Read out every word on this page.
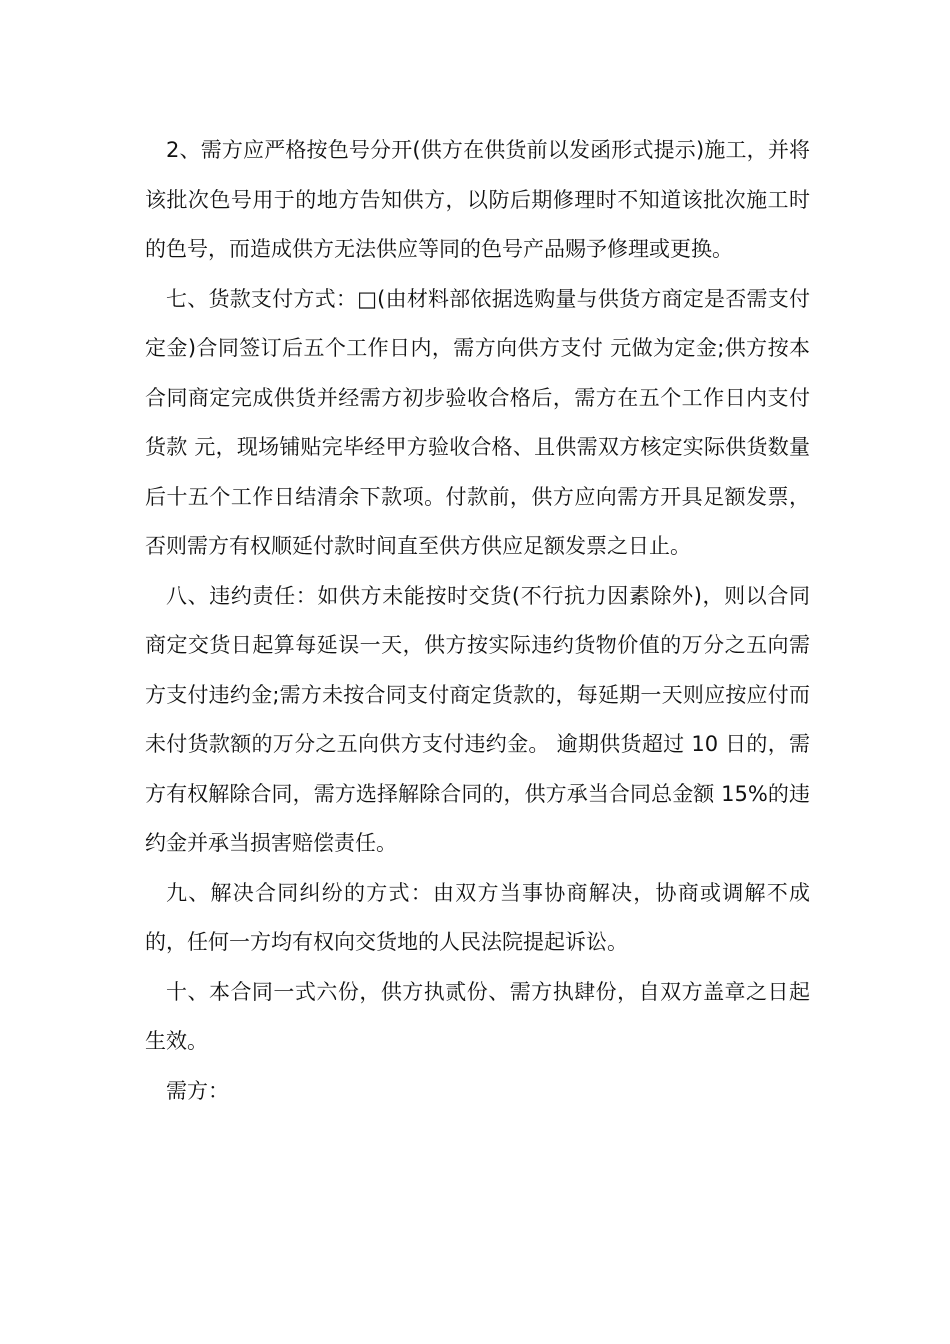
2、需方应严格按色号分开(供方在供货前以发函形式提示)施工，并将该批次色号用于的地方告知供方，以防后期修理时不知道该批次施工时的色号，而造成供方无法供应等同的色号产品赐予修理或更换。

七、货款支付方式：□(由材料部依据选购量与供货方商定是否需支付定金)合同签订后五个工作日内，需方向供方支付 元做为定金;供方按本合同商定完成供货并经需方初步验收合格后，需方在五个工作日内支付货款 元，现场铺贴完毕经甲方验收合格、且供需双方核定实际供货数量后十五个工作日结清余下款项。付款前，供方应向需方开具足额发票，否则需方有权顺延付款时间直至供方供应足额发票之日止。

八、违约责任：如供方未能按时交货(不行抗力因素除外)，则以合同商定交货日起算每延误一天，供方按实际违约货物价值的万分之五向需方支付违约金;需方未按合同支付商定货款的，每延期一天则应按应付而未付货款额的万分之五向供方支付违约金。 逾期供货超过 10 日的，需方有权解除合同，需方选择解除合同的，供方承当合同总金额 15%的违约金并承当损害赔偿责任。

九、解决合同纠纷的方式：由双方当事协商解决，协商或调解不成的，任何一方均有权向交货地的人民法院提起诉讼。

十、本合同一式六份，供方执贰份、需方执肆份，自双方盖章之日起生效。

需方：
